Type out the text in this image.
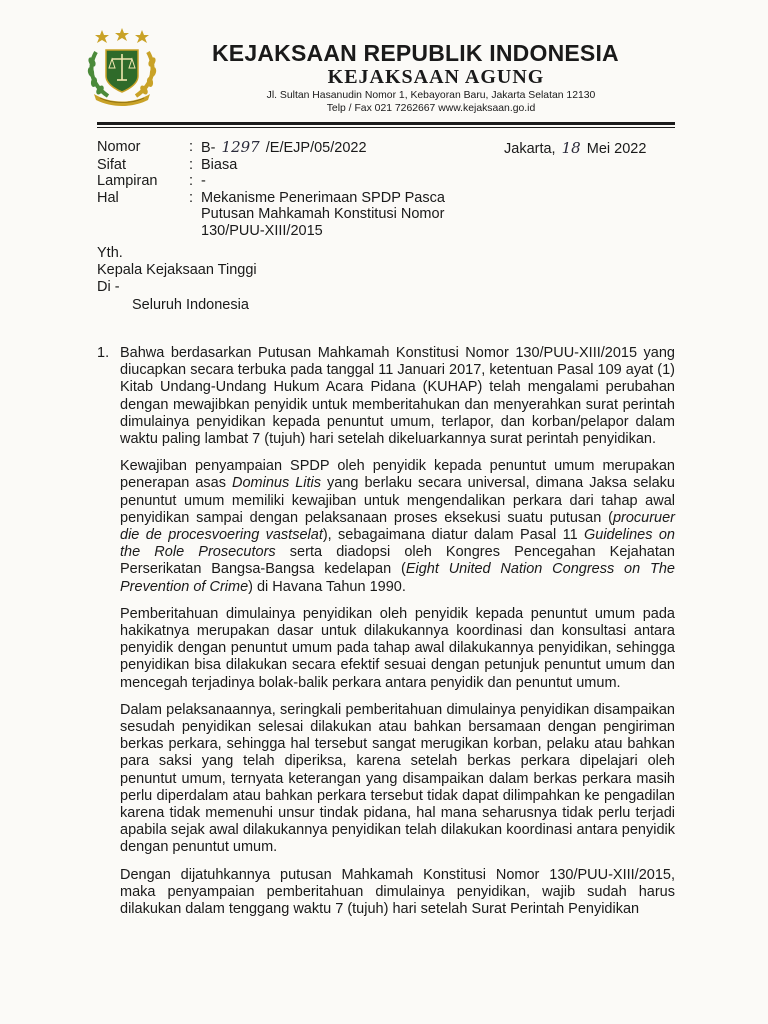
KEJAKSAAN REPUBLIK INDONESIA
KEJAKSAAN AGUNG
Jl. Sultan Hasanudin Nomor 1, Kebayoran Baru, Jakarta Selatan 12130
Telp / Fax 021 7262667 www.kejaksaan.go.id
Nomor	: B- 1297 /E/EJP/05/2022
Sifat	: Biasa
Lampiran	: -
Hal	: Mekanisme Penerimaan SPDP Pasca
Putusan Mahkamah Konstitusi Nomor
130/PUU-XIII/2015
Jakarta, 18 Mei 2022
Yth.
Kepala Kejaksaan Tinggi
Di -
Seluruh Indonesia
1. Bahwa berdasarkan Putusan Mahkamah Konstitusi Nomor 130/PUU-XIII/2015 yang diucapkan secara terbuka pada tanggal 11 Januari 2017, ketentuan Pasal 109 ayat (1) Kitab Undang-Undang Hukum Acara Pidana (KUHAP) telah mengalami perubahan dengan mewajibkan penyidik untuk memberitahukan dan menyerahkan surat perintah dimulainya penyidikan kepada penuntut umum, terlapor, dan korban/pelapor dalam waktu paling lambat 7 (tujuh) hari setelah dikeluarkannya surat perintah penyidikan.

Kewajiban penyampaian SPDP oleh penyidik kepada penuntut umum merupakan penerapan asas Dominus Litis yang berlaku secara universal, dimana Jaksa selaku penuntut umum memiliki kewajiban untuk mengendalikan perkara dari tahap awal penyidikan sampai dengan pelaksanaan proses eksekusi suatu putusan (procuruer die de procesvoering vastselat), sebagaimana diatur dalam Pasal 11 Guidelines on the Role Prosecutors serta diadopsi oleh Kongres Pencegahan Kejahatan Perserikatan Bangsa-Bangsa kedelapan (Eight United Nation Congress on The Prevention of Crime) di Havana Tahun 1990.

Pemberitahuan dimulainya penyidikan oleh penyidik kepada penuntut umum pada hakikatnya merupakan dasar untuk dilakukannya koordinasi dan konsultasi antara penyidik dengan penuntut umum pada tahap awal dilakukannya penyidikan, sehingga penyidikan bisa dilakukan secara efektif sesuai dengan petunjuk penuntut umum dan mencegah terjadinya bolak-balik perkara antara penyidik dan penuntut umum.

Dalam pelaksanaannya, seringkali pemberitahuan dimulainya penyidikan disampaikan sesudah penyidikan selesai dilakukan atau bahkan bersamaan dengan pengiriman berkas perkara, sehingga hal tersebut sangat merugikan korban, pelaku atau bahkan para saksi yang telah diperiksa, karena setelah berkas perkara dipelajari oleh penuntut umum, ternyata keterangan yang disampaikan dalam berkas perkara masih perlu diperdalam atau bahkan perkara tersebut tidak dapat dilimpahkan ke pengadilan karena tidak memenuhi unsur tindak pidana, hal mana seharusnya tidak perlu terjadi apabila sejak awal dilakukannya penyidikan telah dilakukan koordinasi antara penyidik dengan penuntut umum.

Dengan dijatuhkannya putusan Mahkamah Konstitusi Nomor 130/PUU-XIII/2015, maka penyampaian pemberitahuan dimulainya penyidikan, wajib sudah harus dilakukan dalam tenggang waktu 7 (tujuh) hari setelah Surat Perintah Penyidikan
